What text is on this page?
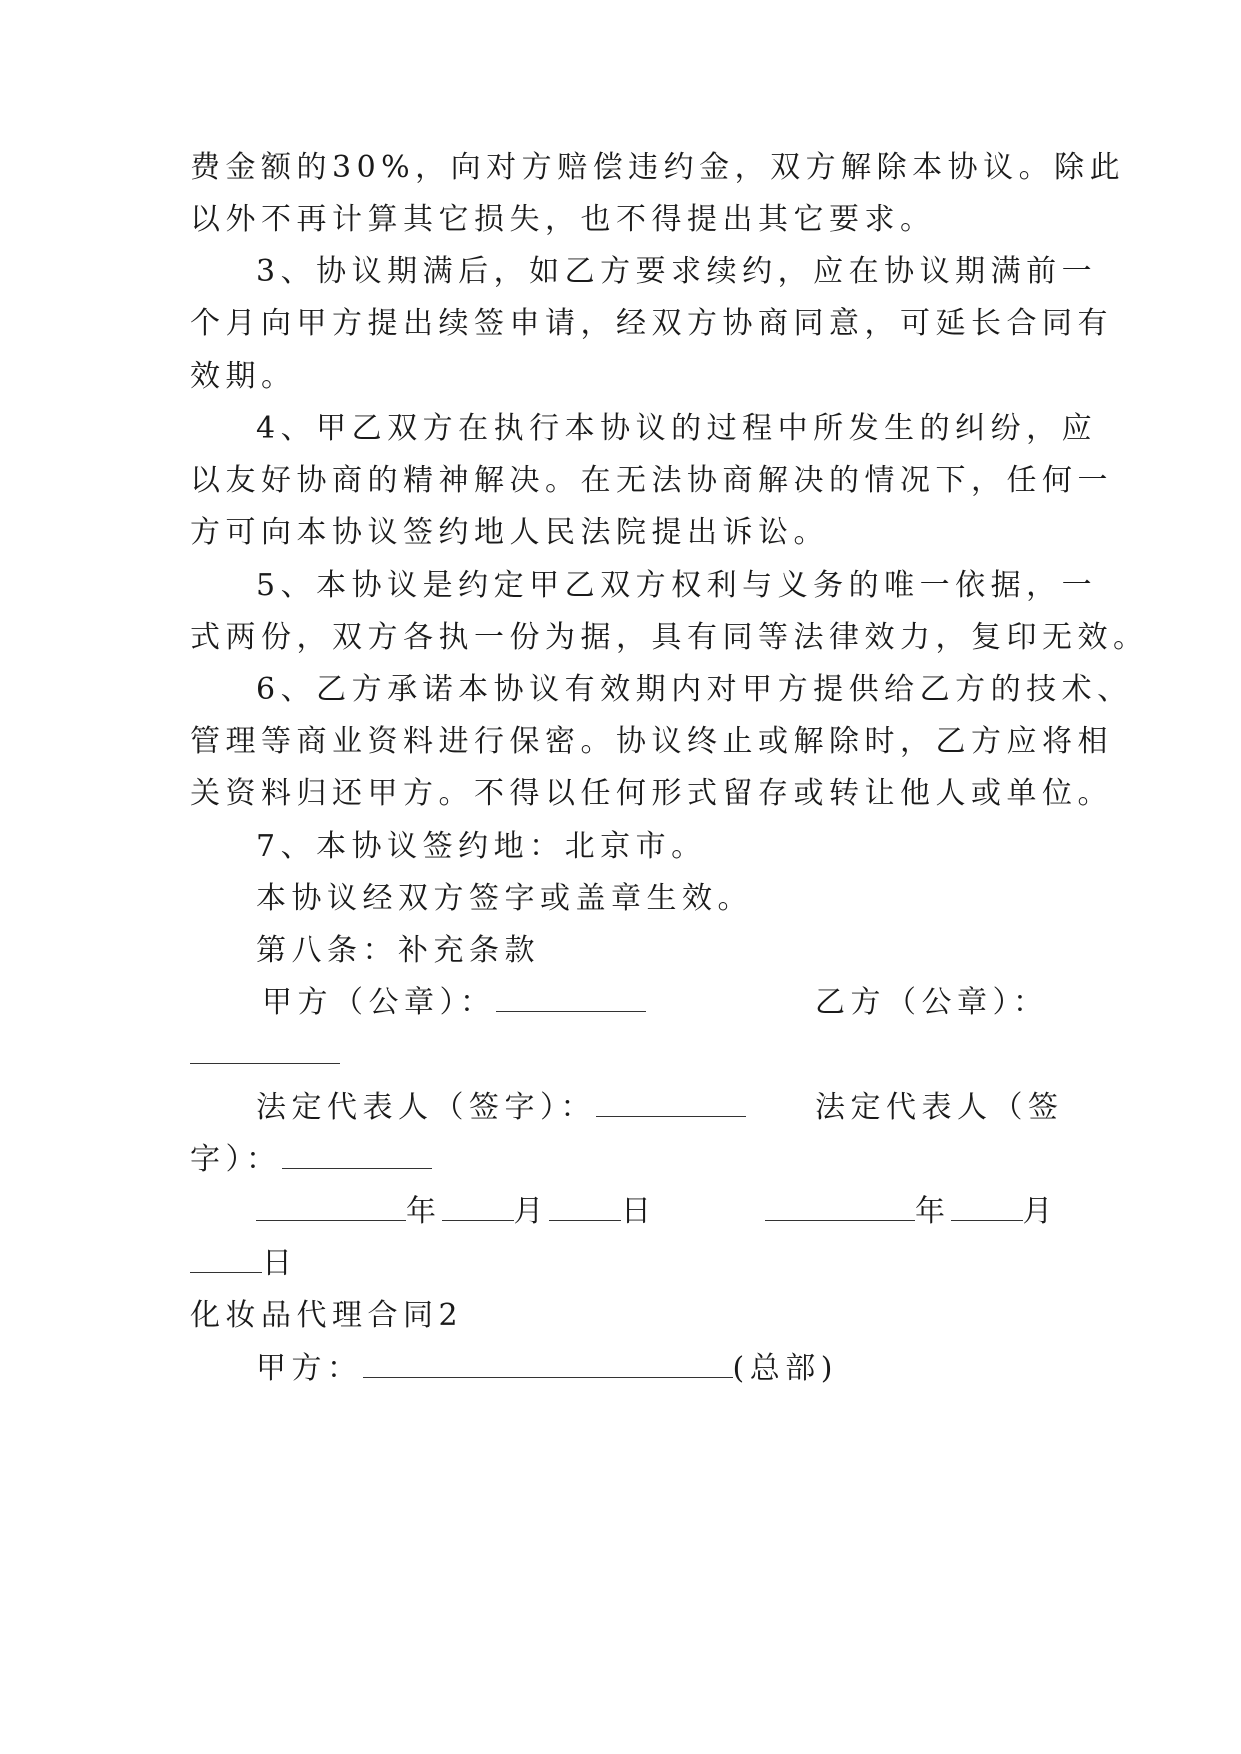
费金额的30%，向对方赔偿违约金，双方解除本协议。除此
以外不再计算其它损失，也不得提出其它要求。
3、协议期满后，如乙方要求续约，应在协议期满前一
个月向甲方提出续签申请，经双方协商同意，可延长合同有
效期。
4、甲乙双方在执行本协议的过程中所发生的纠纷，应
以友好协商的精神解决。在无法协商解决的情况下，任何一
方可向本协议签约地人民法院提出诉讼。
5、本协议是约定甲乙双方权利与义务的唯一依据，一
式两份，双方各执一份为据，具有同等法律效力，复印无效。
6、乙方承诺本协议有效期内对甲方提供给乙方的技术、
管理等商业资料进行保密。协议终止或解除时，乙方应将相
关资料归还甲方。不得以任何形式留存或转让他人或单位。
7、本协议签约地：北京市。
本协议经双方签字或盖章生效。
第八条：补充条款
甲方（公章）：	乙方（公章）：
法定代表人（签字）：	法定代表人（签
字）：
年 月 日	年 月
日
化妆品代理合同2
甲方：	(总部)
